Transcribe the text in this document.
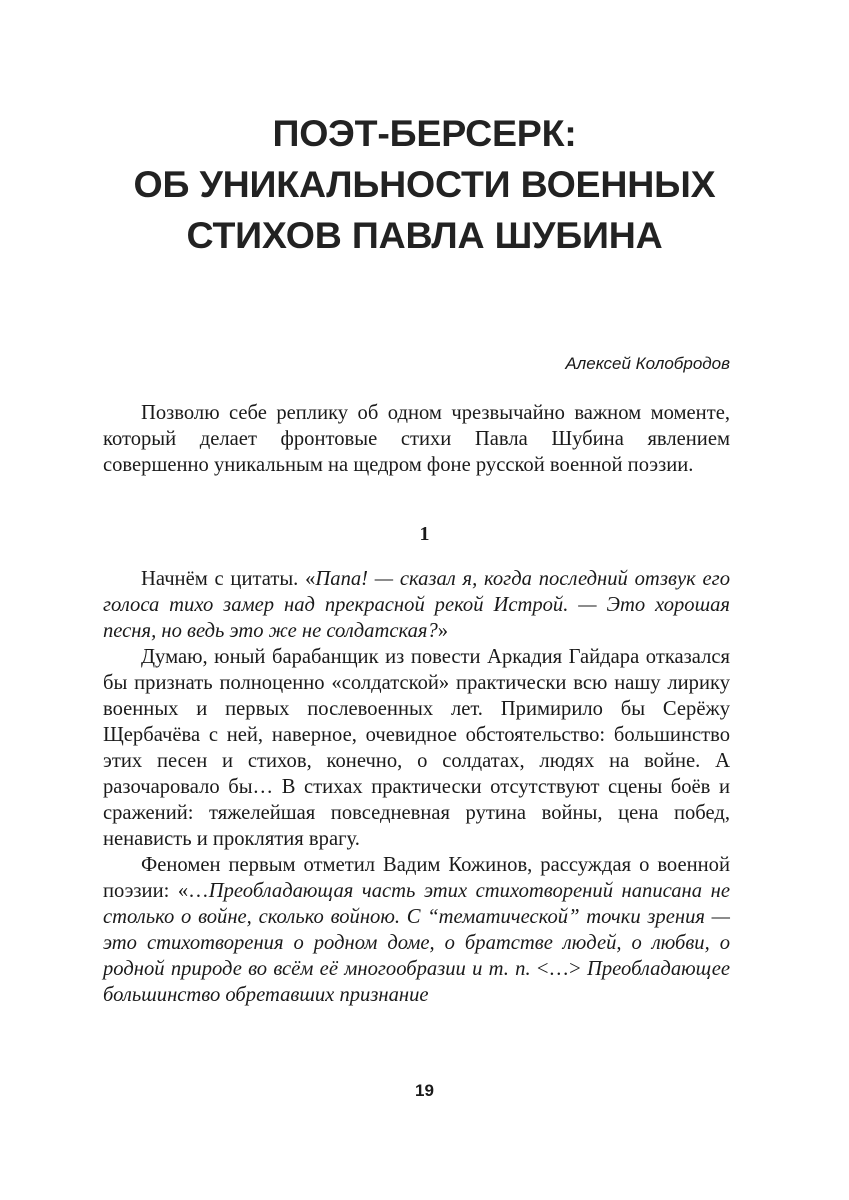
ПОЭТ-БЕРСЕРК:
ОБ УНИКАЛЬНОСТИ ВОЕННЫХ
СТИХОВ ПАВЛА ШУБИНА
Алексей Колобродов

Позволю себе реплику об одном чрезвычайно важном моменте, который делает фронтовые стихи Павла Шубина явлением совершенно уникальным на щедром фоне русской военной поэзии.

1

Начнём с цитаты. «Папа! — сказал я, когда последний отзвук его голоса тихо замер над прекрасной рекой Истрой. — Это хорошая песня, но ведь это же не солдатская?»

Думаю, юный барабанщик из повести Аркадия Гайдара отказался бы признать полноценно «солдатской» практически всю нашу лирику военных и первых послевоенных лет. Примирило бы Серёжу Щербачёва с ней, наверное, очевидное обстоятельство: большинство этих песен и стихов, конечно, о солдатах, людях на войне. А разочаровало бы… В стихах практически отсутствуют сцены боёв и сражений: тяжелейшая повседневная рутина войны, цена побед, ненависть и проклятия врагу.

Феномен первым отметил Вадим Кожинов, рассуждая о военной поэзии: «…Преобладающая часть этих стихотворений написана не столько о войне, сколько войною. С “тематической” точки зрения — это стихотворения о родном доме, о братстве людей, о любви, о родной природе во всём её многообразии и т. п. <…> Преобладающее большинство обретавших признание

19
